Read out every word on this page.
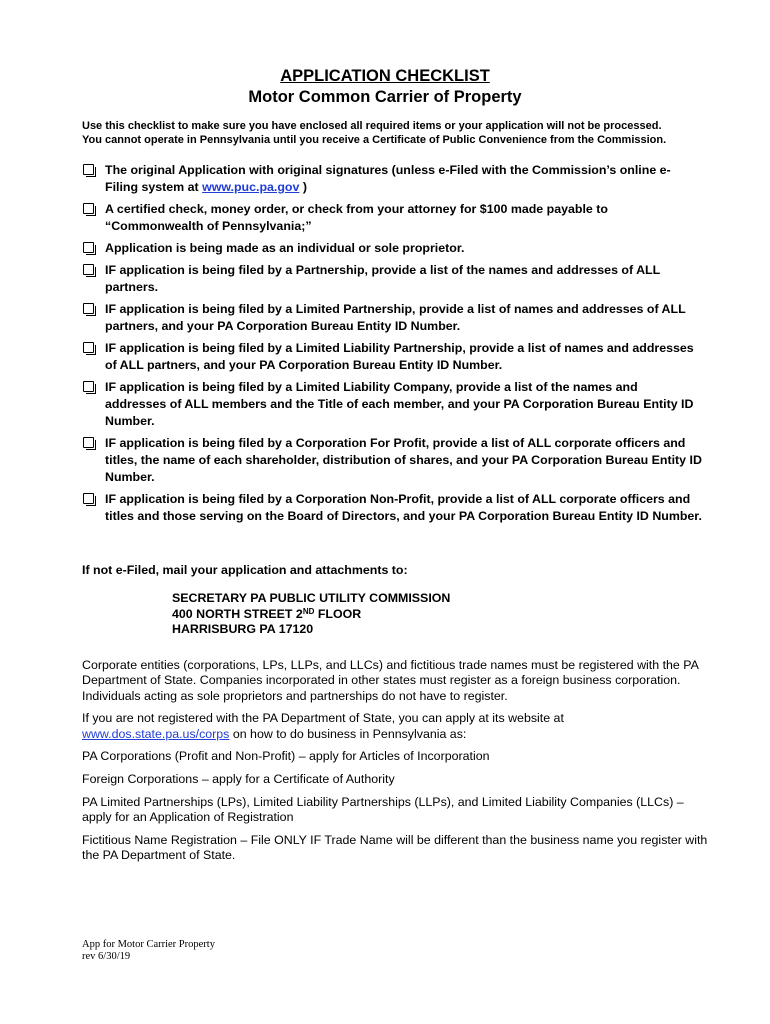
APPLICATION CHECKLIST
Motor Common Carrier of Property
Use this checklist to make sure you have enclosed all required items or your application will not be processed.
You cannot operate in Pennsylvania until you receive a Certificate of Public Convenience from the Commission.
The original Application with original signatures (unless e-Filed with the Commission’s online e-Filing system at www.puc.pa.gov )
A certified check, money order, or check from your attorney for $100 made payable to “Commonwealth of Pennsylvania;”
Application is being made as an individual or sole proprietor.
IF application is being filed by a Partnership, provide a list of the names and addresses of ALL partners.
IF application is being filed by a Limited Partnership, provide a list of names and addresses of ALL partners, and your PA Corporation Bureau Entity ID Number.
IF application is being filed by a Limited Liability Partnership, provide a list of names and addresses of ALL partners, and your PA Corporation Bureau Entity ID Number.
IF application is being filed by a Limited Liability Company, provide a list of the names and addresses of ALL members and the Title of each member, and your PA Corporation Bureau Entity ID Number.
IF application is being filed by a Corporation For Profit, provide a list of ALL corporate officers and titles, the name of each shareholder, distribution of shares, and your PA Corporation Bureau Entity ID Number.
IF application is being filed by a Corporation Non-Profit, provide a list of ALL corporate officers and titles and those serving on the Board of Directors, and your PA Corporation Bureau Entity ID Number.
If not e-Filed, mail your application and attachments to:
SECRETARY PA PUBLIC UTILITY COMMISSION
400 NORTH STREET 2ND FLOOR
HARRISBURG PA 17120

Corporate entities (corporations, LPs, LLPs, and LLCs) and fictitious trade names must be registered with the PA Department of State. Companies incorporated in other states must register as a foreign business corporation. Individuals acting as sole proprietors and partnerships do not have to register.

If you are not registered with the PA Department of State, you can apply at its website at
www.dos.state.pa.us/corps on how to do business in Pennsylvania as:

PA Corporations (Profit and Non-Profit) – apply for Articles of Incorporation

Foreign Corporations – apply for a Certificate of Authority

PA Limited Partnerships (LPs), Limited Liability Partnerships (LLPs), and Limited Liability Companies (LLCs) – apply for an Application of Registration

Fictitious Name Registration – File ONLY IF Trade Name will be different than the business name you register with the PA Department of State.

App for Motor Carrier Property
rev 6/30/19
